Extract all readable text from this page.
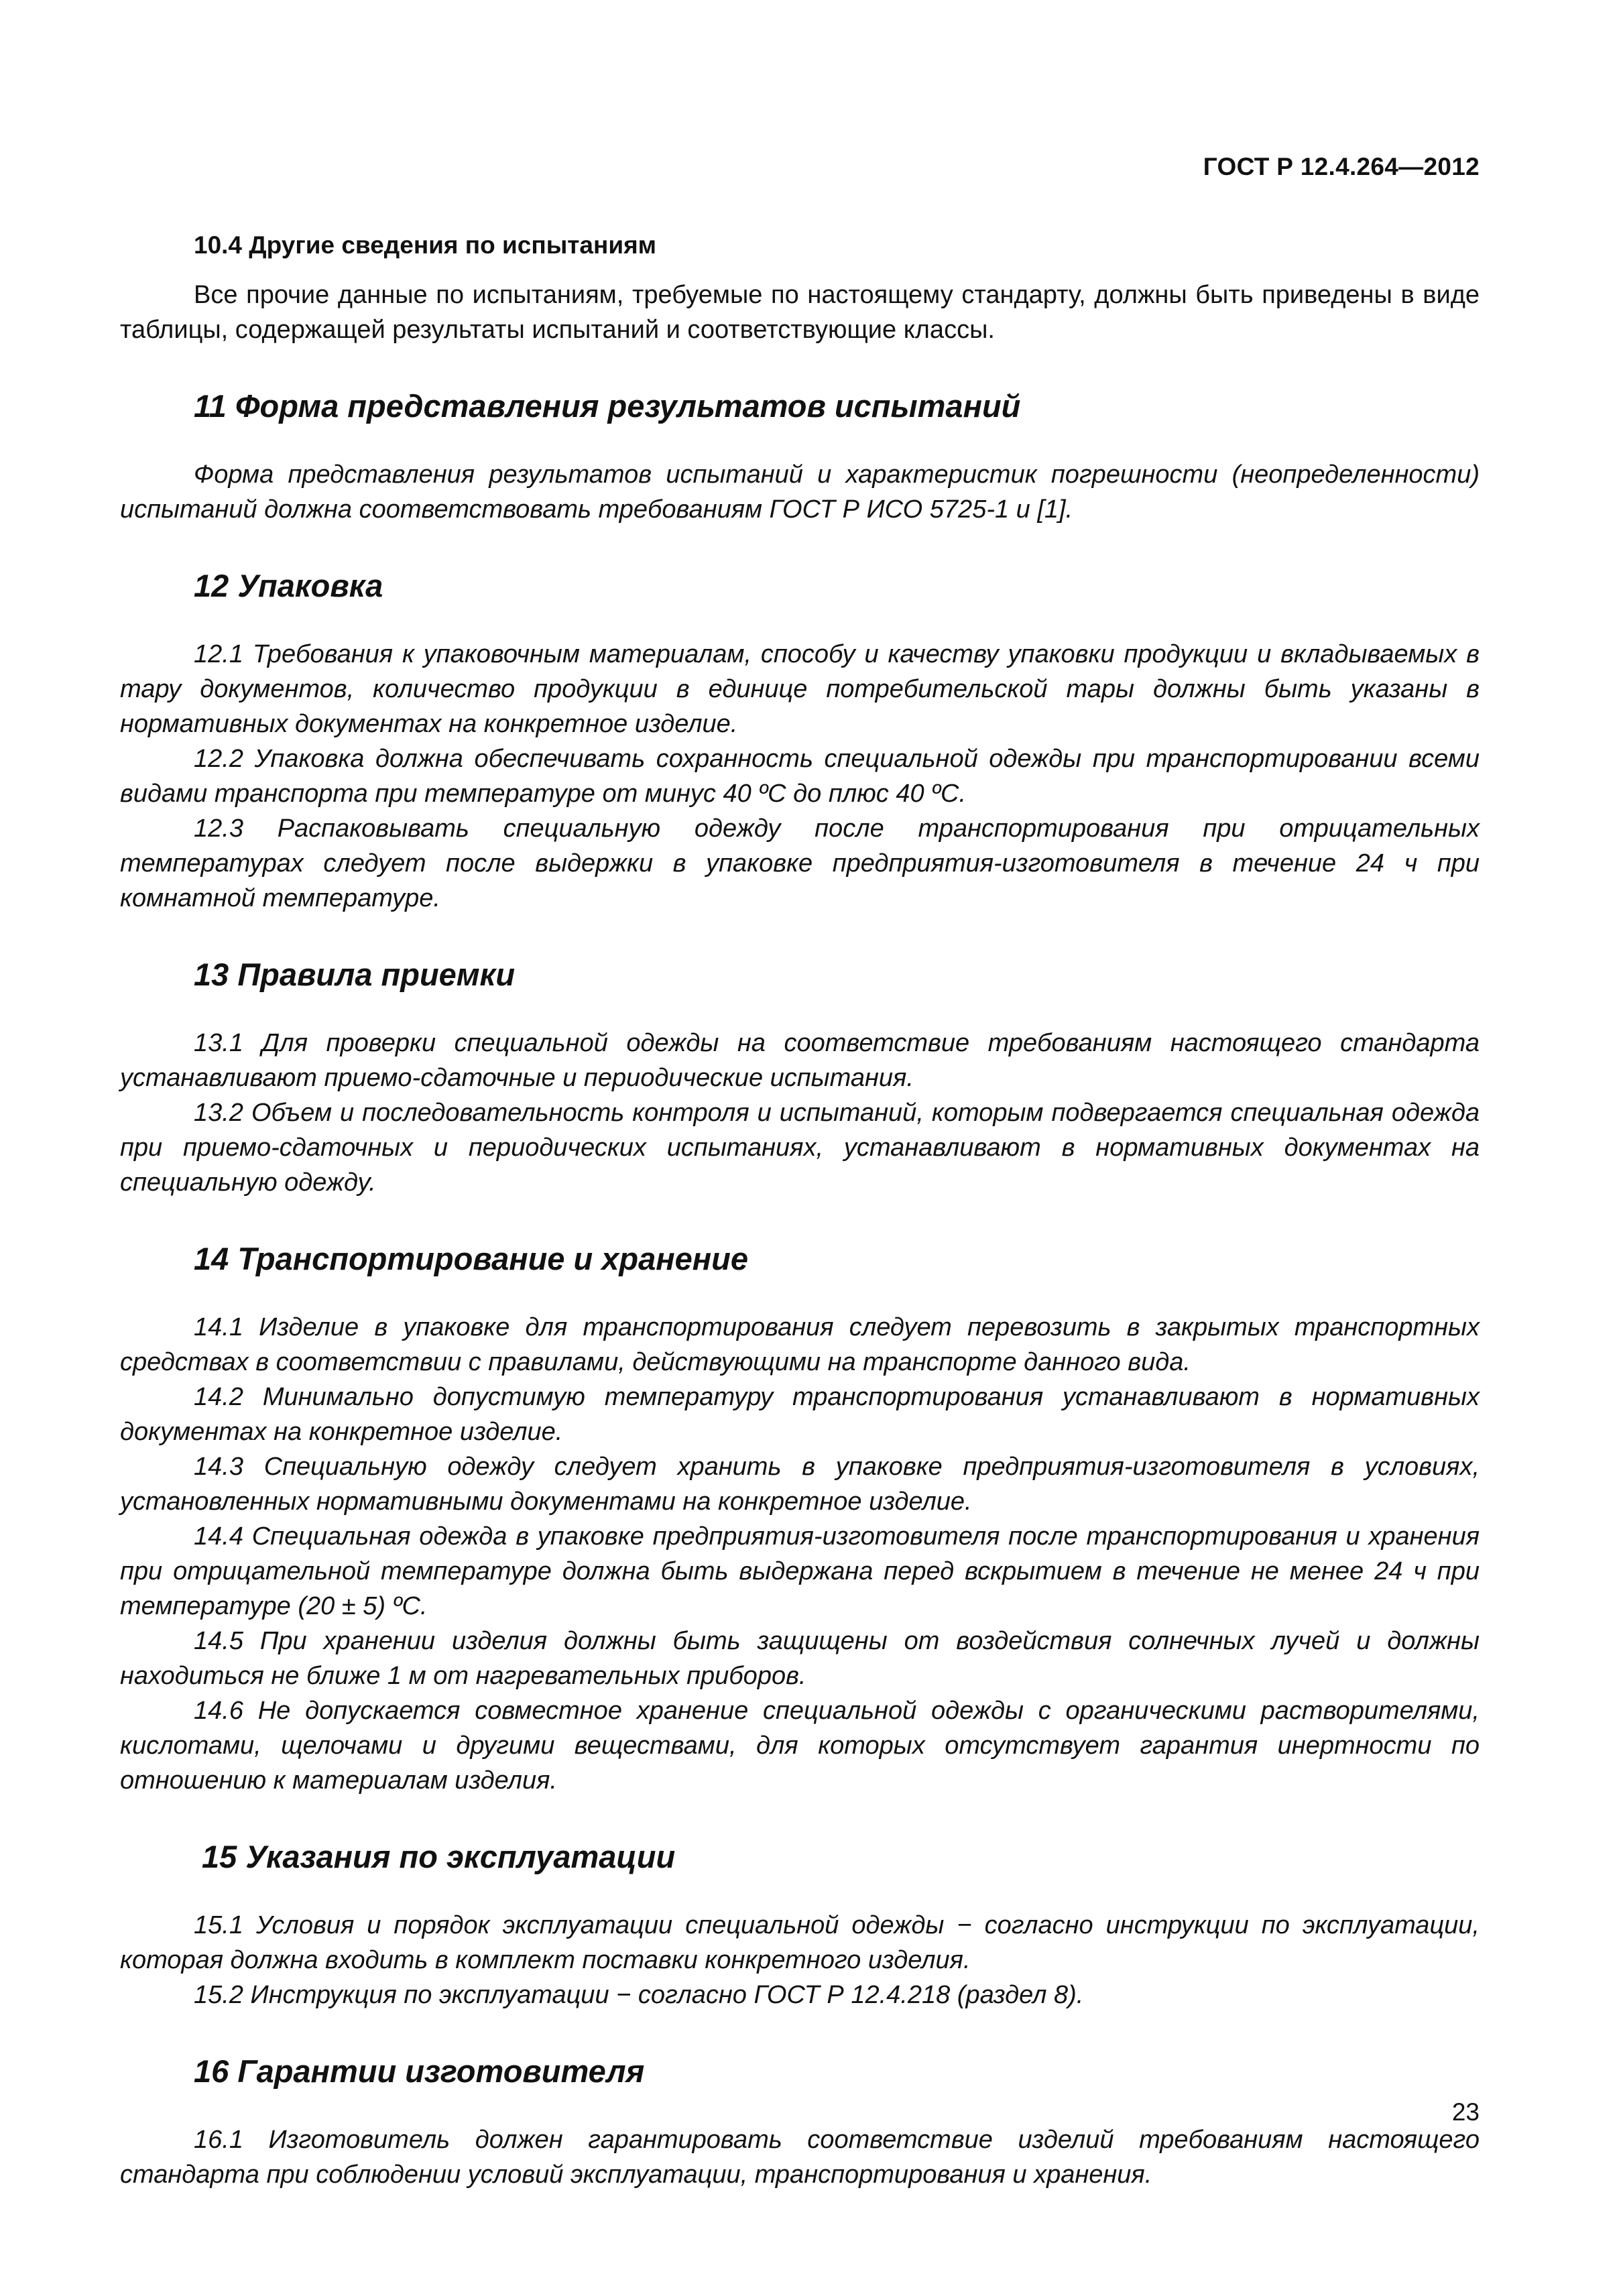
ГОСТ Р 12.4.264—2012
10.4 Другие сведения по испытаниям

Все прочие данные по испытаниям, требуемые по настоящему стандарту, должны быть приведены в виде таблицы, содержащей результаты испытаний и соответствующие классы.

11 Форма представления результатов испытаний

Форма представления результатов испытаний и характеристик погрешности (неопределенности) испытаний должна соответствовать требованиям ГОСТ Р ИСО 5725-1 и [1].

12 Упаковка

12.1 Требования к упаковочным материалам, способу и качеству упаковки продукции и вкладываемых в тару документов, количество продукции в единице потребительской тары должны быть указаны в нормативных документах на конкретное изделие.

12.2 Упаковка должна обеспечивать сохранность специальной одежды при транспортировании всеми видами транспорта при температуре от минус 40 ºС до плюс 40 ºС.

12.3 Распаковывать специальную одежду после транспортирования при отрицательных температурах следует после выдержки в упаковке предприятия-изготовителя в течение 24 ч при комнатной температуре.

13 Правила приемки

13.1 Для проверки специальной одежды на соответствие требованиям настоящего стандарта устанавливают приемо-сдаточные и периодические испытания.

13.2 Объем и последовательность контроля и испытаний, которым подвергается специальная одежда при приемо-сдаточных и периодических испытаниях, устанавливают в нормативных документах на специальную одежду.

14 Транспортирование и хранение

14.1 Изделие в упаковке для транспортирования следует перевозить в закрытых транспортных средствах в соответствии с правилами, действующими на транспорте данного вида.

14.2 Минимально допустимую температуру транспортирования устанавливают в нормативных документах на конкретное изделие.

14.3 Специальную одежду следует хранить в упаковке предприятия-изготовителя в условиях, установленных нормативными документами на конкретное изделие.

14.4 Специальная одежда в упаковке предприятия-изготовителя после транспортирования и хранения при отрицательной температуре должна быть выдержана перед вскрытием в течение не менее 24 ч при температуре (20 ± 5) ºС.

14.5 При хранении изделия должны быть защищены от воздействия солнечных лучей и должны находиться не ближе 1 м от нагревательных приборов.

14.6 Не допускается совместное хранение специальной одежды с органическими растворителями, кислотами, щелочами и другими веществами, для которых отсутствует гарантия инертности по отношению к материалам изделия.

15 Указания по эксплуатации

15.1 Условия и порядок эксплуатации специальной одежды − согласно инструкции по эксплуатации, которая должна входить в комплект поставки конкретного изделия.

15.2 Инструкция по эксплуатации − согласно ГОСТ Р 12.4.218 (раздел 8).

16 Гарантии изготовителя

16.1 Изготовитель должен гарантировать соответствие изделий требованиям настоящего стандарта при соблюдении условий эксплуатации, транспортирования и хранения.

23
